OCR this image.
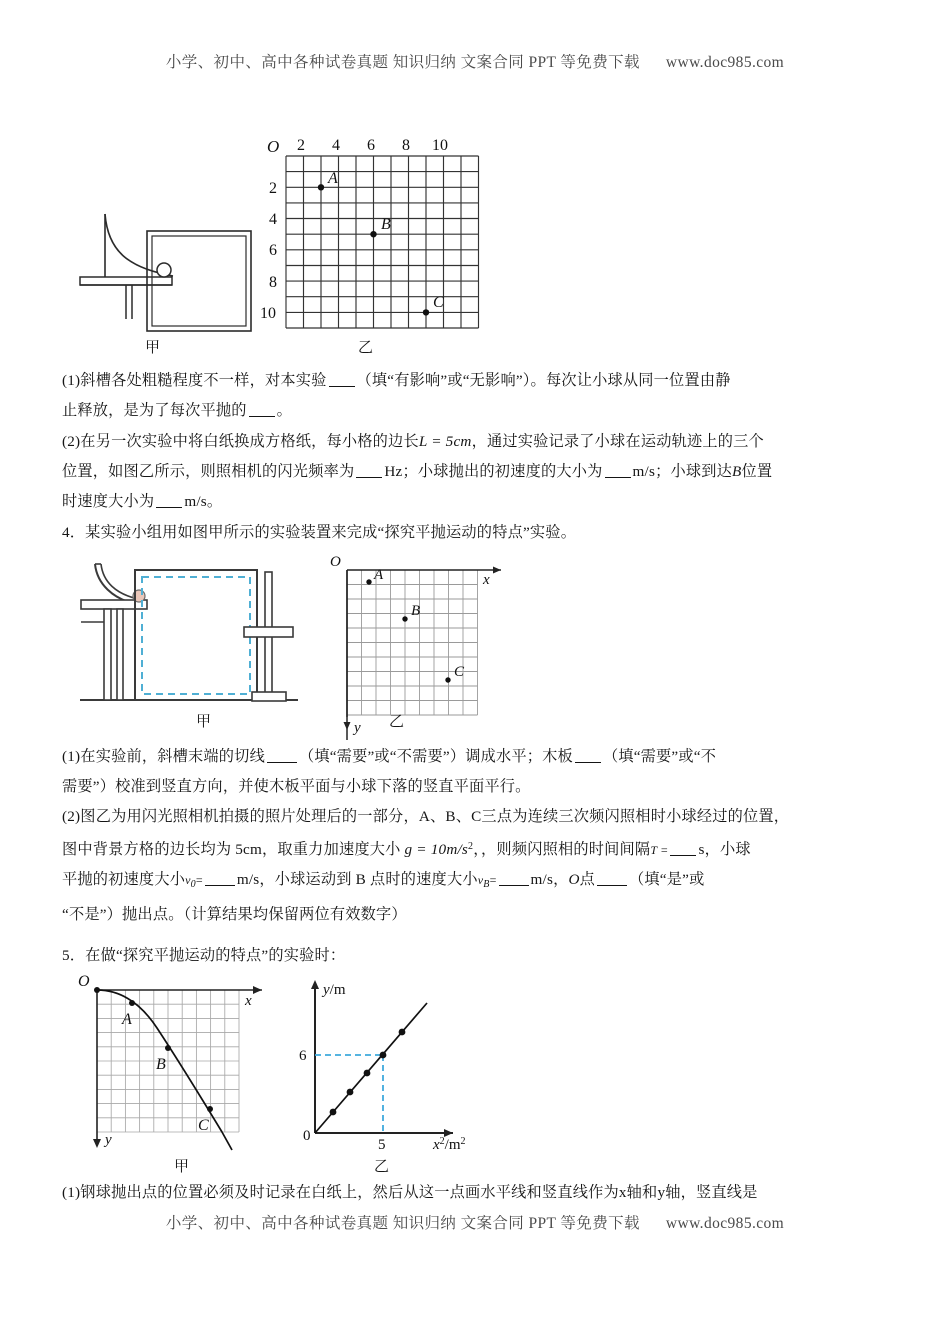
小学、初中、高中各种试卷真题 知识归纳 文案合同 PPT 等免费下载 www.doc985.com
甲
O 2 4 6 8 10
2
4
6
8
10
A
B
C
乙
(1)斜槽各处粗糙程度不一样，对本实验 （填“有影响”或“无影响”）。每次让小球从同一位置由静
止释放，是为了每次平抛的 。
(2)在另一次实验中将白纸换成方格纸，每小格的边长L = 5cm，通过实验记录了小球在运动轨迹上的三个
位置，如图乙所示，则照相机的闪光频率为 Hz；小球抛出的初速度的大小为 m/s；小球到达B位置
时速度大小为 m/s。
4．某实验小组用如图甲所示的实验装置来完成“探究平抛运动的特点”实验。
甲
O
x
y
A
B
C
乙
(1)在实验前，斜槽末端的切线 （填“需要”或“不需要”）调成水平；木板 （填“需要”或“不
需要”）校准到竖直方向，并使木板平面与小球下落的竖直平面平行。
(2)图乙为用闪光照相机拍摄的照片处理后的一部分，A、B、C三点为连续三次频闪照相时小球经过的位置，
图中背景方格的边长均为 5cm，取重力加速度大小 $g = 10m/s^2$，，则频闪照相的时间间隔T = s，小球
平抛的初速度大小$v_0= m/s$，小球运动到 B 点时的速度大小$v_B= m/s$，O点 （填“是”或
“不是”）抛出点。（计算结果均保留两位有效数字）
5．在做“探究平抛运动的特点”的实验时：
O
x
y
A
B
C
甲
y/m
$x^2/m^2$
0
6
5
乙
(1)钢球抛出点的位置必须及时记录在白纸上，然后从这一点画水平线和竖直线作为x轴和y轴，竖直线是
小学、初中、高中各种试卷真题 知识归纳 文案合同 PPT 等免费下载 www.doc985.com
